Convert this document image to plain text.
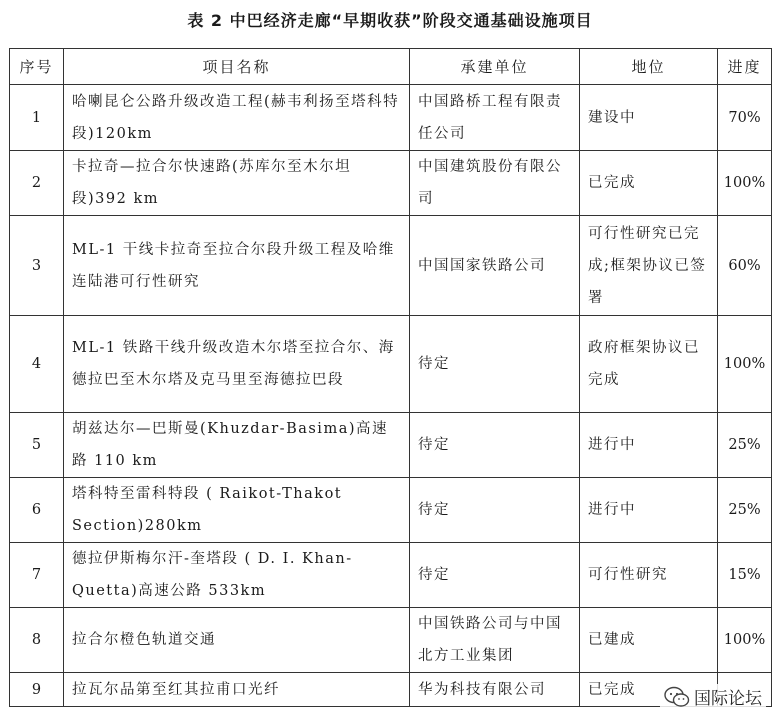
表 2 中巴经济走廊“早期收获”阶段交通基础设施项目
序号	项目名称	承建单位	地位	进度
1	哈喇昆仑公路升级改造工程(赫韦利扬至塔科特段)120km	中国路桥工程有限责任公司	建设中	70%
2	卡拉奇—拉合尔快速路(苏库尔至木尔坦段)392 km	中国建筑股份有限公司	已完成	100%
3	ML-1 干线卡拉奇至拉合尔段升级工程及哈维连陆港可行性研究	中国国家铁路公司	可行性研究已完成;框架协议已签署	60%
4	ML-1 铁路干线升级改造木尔塔至拉合尔、海德拉巴至木尔塔及克马里至海德拉巴段	待定	政府框架协议已完成	100%
5	胡兹达尔—巴斯曼(Khuzdar-Basima)高速路 110 km	待定	进行中	25%
6	塔科特至雷科特段 ( Raikot-Thakot Section)280km	待定	进行中	25%
7	德拉伊斯梅尔汗-奎塔段 ( D. I. Khan-Quetta)高速公路 533km	待定	可行性研究	15%
8	拉合尔橙色轨道交通	中国铁路公司与中国北方工业集团	已建成	100%
9	拉瓦尔品第至红其拉甫口光纤	华为科技有限公司	已完成		国际论坛
